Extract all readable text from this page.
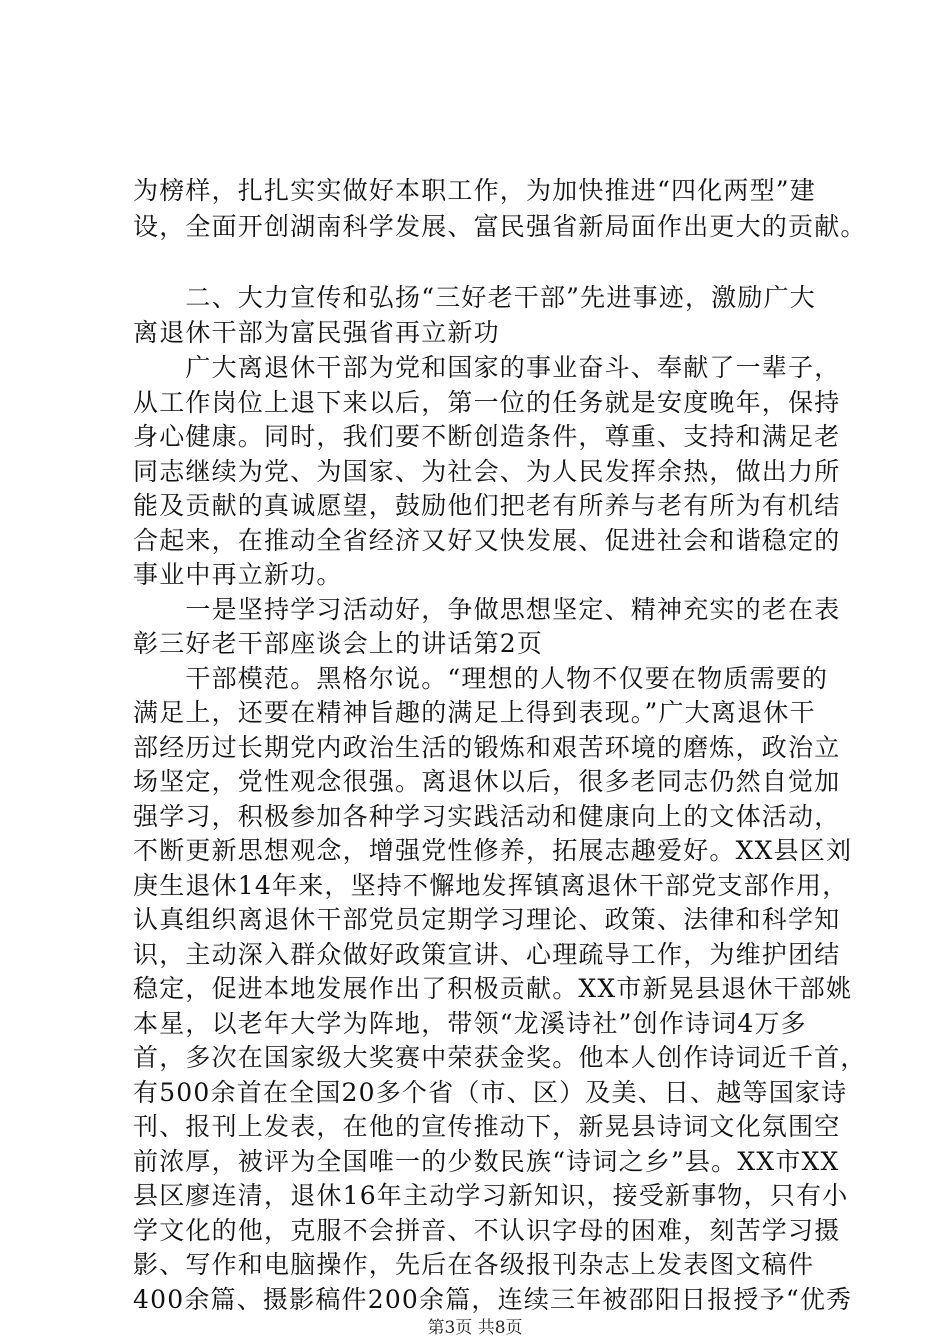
为榜样，扎扎实实做好本职工作，为加快推进“四化两型”建
设，全面开创湖南科学发展、富民强省新局面作出更大的贡献。
　　二、大力宣传和弘扬“三好老干部”先进事迹，激励广大
离退休干部为富民强省再立新功
　　广大离退休干部为党和国家的事业奋斗、奉献了一辈子，
从工作岗位上退下来以后，第一位的任务就是安度晚年，保持
身心健康。同时，我们要不断创造条件，尊重、支持和满足老
同志继续为党、为国家、为社会、为人民发挥余热，做出力所
能及贡献的真诚愿望，鼓励他们把老有所养与老有所为有机结
合起来，在推动全省经济又好又快发展、促进社会和谐稳定的
事业中再立新功。
　　一是坚持学习活动好，争做思想坚定、精神充实的老在表
彰三好老干部座谈会上的讲话第2页
　　干部模范。黑格尔说。“理想的人物不仅要在物质需要的
满足上，还要在精神旨趣的满足上得到表现。”广大离退休干
部经历过长期党内政治生活的锻炼和艰苦环境的磨炼，政治立
场坚定，党性观念很强。离退休以后，很多老同志仍然自觉加
强学习，积极参加各种学习实践活动和健康向上的文体活动，
不断更新思想观念，增强党性修养，拓展志趣爱好。XX县区刘
庚生退休14年来，坚持不懈地发挥镇离退休干部党支部作用，
认真组织离退休干部党员定期学习理论、政策、法律和科学知
识，主动深入群众做好政策宣讲、心理疏导工作，为维护团结
稳定，促进本地发展作出了积极贡献。XX市新晃县退休干部姚
本星，以老年大学为阵地，带领“龙溪诗社”创作诗词4万多
首，多次在国家级大奖赛中荣获金奖。他本人创作诗词近千首，
有500余首在全国20多个省（市、区）及美、日、越等国家诗
刊、报刊上发表，在他的宣传推动下，新晃县诗词文化氛围空
前浓厚，被评为全国唯一的少数民族“诗词之乡”县。XX市XX
县区廖连清，退休16年主动学习新知识，接受新事物，只有小
学文化的他，克服不会拼音、不认识字母的困难，刻苦学习摄
影、写作和电脑操作，先后在各级报刊杂志上发表图文稿件
400余篇、摄影稿件200余篇，连续三年被邵阳日报授予“优秀
第3页 共8页
